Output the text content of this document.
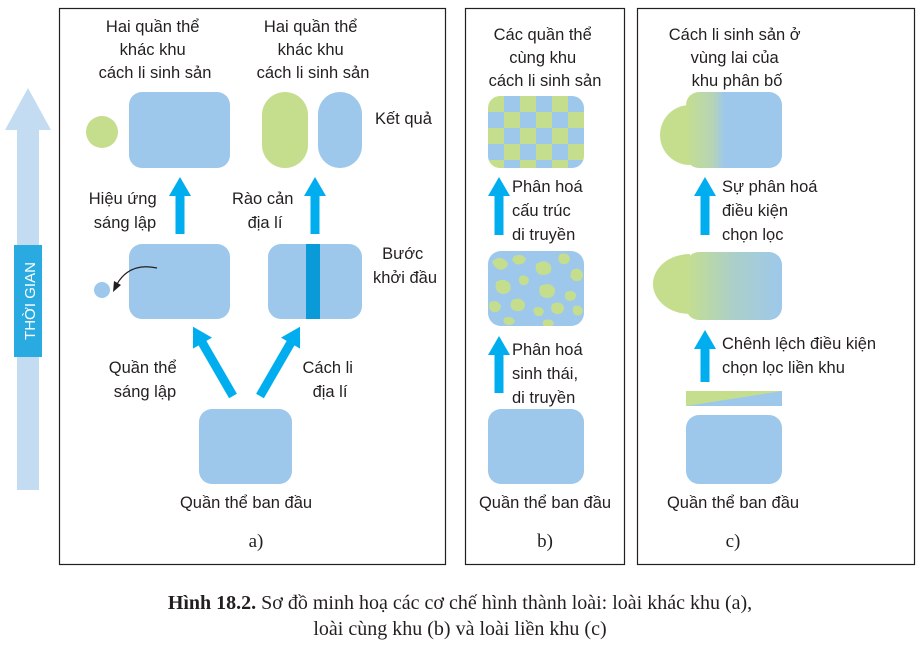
THỜI GIAN
Hai quần thể khác khu cách li sinh sản
Hai quần thể khác khu cách li sinh sản
Kết quả
Hiệu ứng sáng lập
Rào cản địa lí
Bước khởi đầu
Quần thể sáng lập
Cách li địa lí
Quần thể ban đầu
a)
Các quần thể cùng khu cách li sinh sản
Phân hoá cấu trúc di truyền
Phân hoá sinh thái, di truyền
Quần thể ban đầu
b)
Cách li sinh sản ở vùng lai của khu phân bố
Sự phân hoá điều kiện chọn lọc
Chênh lệch điều kiện chọn lọc liền khu
Quần thể ban đầu
c)
Hình 18.2. Sơ đồ minh hoạ các cơ chế hình thành loài: loài khác khu (a),
loài cùng khu (b) và loài liền khu (c)
